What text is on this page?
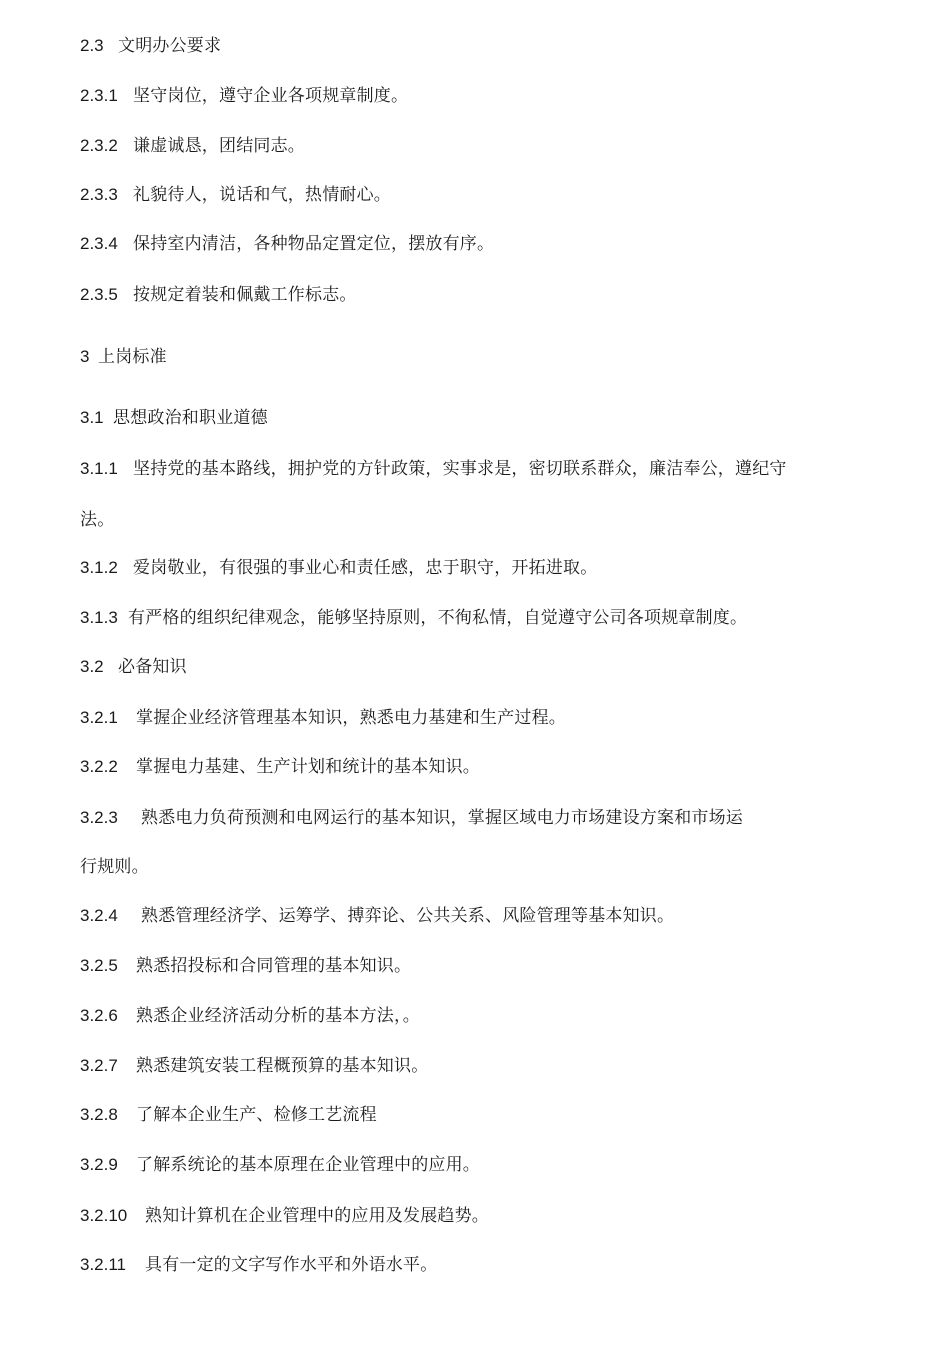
2.3 文明办公要求
2.3.1 坚守岗位，遵守企业各项规章制度。
2.3.2 谦虚诚恳，团结同志。
2.3.3 礼貌待人，说话和气，热情耐心。
2.3.4 保持室内清洁，各种物品定置定位，摆放有序。
2.3.5 按规定着装和佩戴工作标志。
3 上岗标准
3.1 思想政治和职业道德
3.1.1 坚持党的基本路线，拥护党的方针政策，实事求是，密切联系群众，廉洁奉公，遵纪守
法。
3.1.2 爱岗敬业，有很强的事业心和责任感，忠于职守，开拓进取。
3.1.3 有严格的组织纪律观念，能够坚持原则，不徇私情，自觉遵守公司各项规章制度。
3.2 必备知识
3.2.1 掌握企业经济管理基本知识，熟悉电力基建和生产过程。
3.2.2 掌握电力基建、生产计划和统计的基本知识。
3.2.3 熟悉电力负荷预测和电网运行的基本知识，掌握区域电力市场建设方案和市场运
行规则。
3.2.4 熟悉管理经济学、运筹学、搏弈论、公共关系、风险管理等基本知识。
3.2.5 熟悉招投标和合同管理的基本知识。
3.2.6 熟悉企业经济活动分析的基本方法，。
3.2.7 熟悉建筑安装工程概预算的基本知识。
3.2.8 了解本企业生产、检修工艺流程
3.2.9 了解系统论的基本原理在企业管理中的应用。
3.2.10 熟知计算机在企业管理中的应用及发展趋势。
3.2.11 具有一定的文字写作水平和外语水平。
